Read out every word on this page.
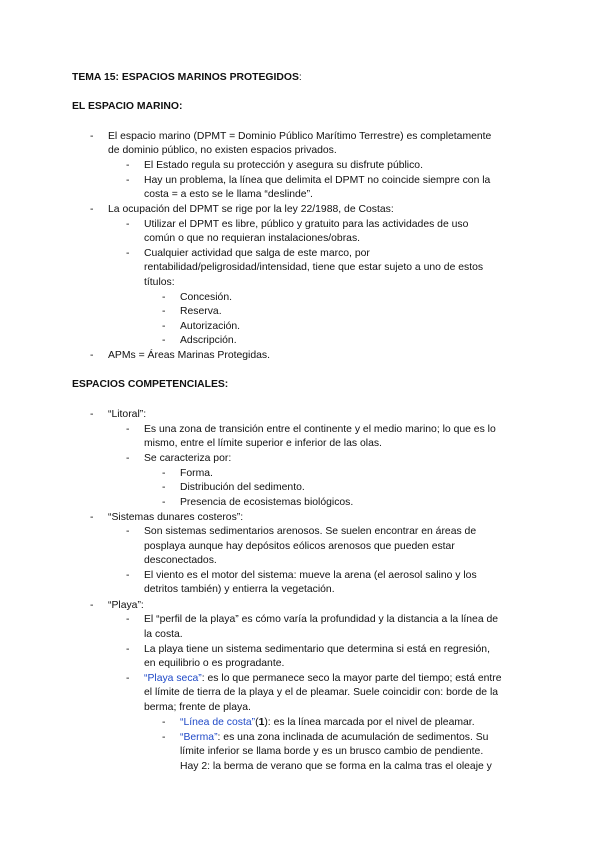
TEMA 15: ESPACIOS MARINOS PROTEGIDOS:
EL ESPACIO MARINO:
- El espacio marino (DPMT = Dominio Público Marítimo Terrestre) es completamente
de dominio público, no existen espacios privados.
- El Estado regula su protección y asegura su disfrute público.
- Hay un problema, la línea que delimita el DPMT no coincide siempre con la
costa = a esto se le llama “deslinde”.
- La ocupación del DPMT se rige por la ley 22/1988, de Costas:
- Utilizar el DPMT es libre, público y gratuito para las actividades de uso
común o que no requieran instalaciones/obras.
- Cualquier actividad que salga de este marco, por
rentabilidad/peligrosidad/intensidad, tiene que estar sujeto a uno de estos
títulos:
- Concesión.
- Reserva.
- Autorización.
- Adscripción.
- APMs = Áreas Marinas Protegidas.
ESPACIOS COMPETENCIALES:
- “Litoral”:
- Es una zona de transición entre el continente y el medio marino; lo que es lo
mismo, entre el límite superior e inferior de las olas.
- Se caracteriza por:
- Forma.
- Distribución del sedimento.
- Presencia de ecosistemas biológicos.
- “Sistemas dunares costeros”:
- Son sistemas sedimentarios arenosos. Se suelen encontrar en áreas de
posplaya aunque hay depósitos eólicos arenosos que pueden estar
desconectados.
- El viento es el motor del sistema: mueve la arena (el aerosol salino y los
detritos también) y entierra la vegetación.
- “Playa”:
- El “perfil de la playa” es cómo varía la profundidad y la distancia a la línea de
la costa.
- La playa tiene un sistema sedimentario que determina si está en regresión,
en equilibrio o es progradante.
- “Playa seca”: es lo que permanece seco la mayor parte del tiempo; está entre
el límite de tierra de la playa y el de pleamar. Suele coincidir con: borde de la
berma; frente de playa.
- “Línea de costa”(1): es la línea marcada por el nivel de pleamar.
- “Berma”: es una zona inclinada de acumulación de sedimentos. Su
límite inferior se llama borde y es un brusco cambio de pendiente.
Hay 2: la berma de verano que se forma en la calma tras el oleaje y
